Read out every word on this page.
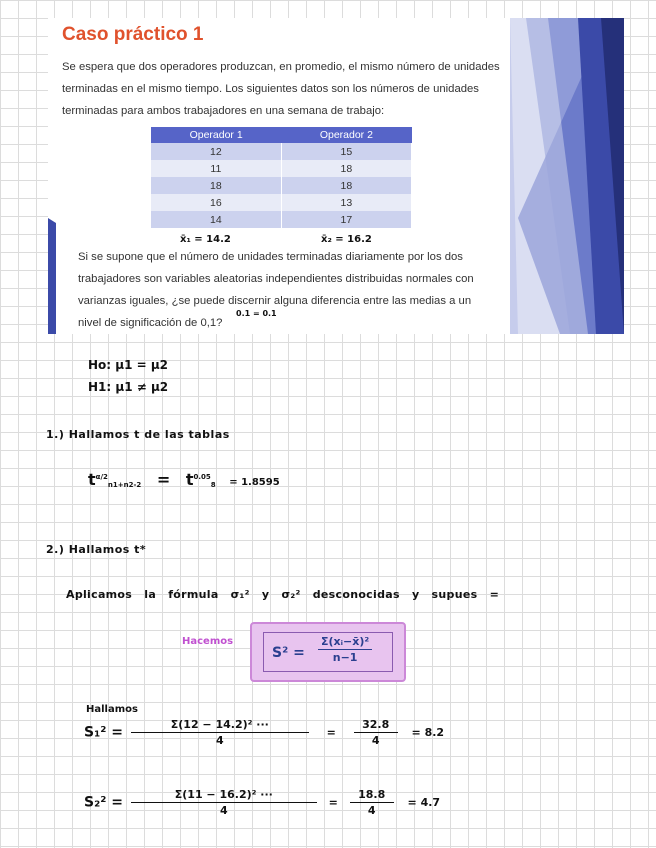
Caso práctico 1

Se espera que dos operadores produzcan, en promedio, el mismo número de unidades terminadas en el mismo tiempo. Los siguientes datos son los números de unidades terminadas para ambos trabajadores en una semana de trabajo:

Operador 1	Operador 2
12	15
11	18
18	18
16	13
14	17
x̄₁ = 14.2	x̄₂ = 16.2

Si se supone que el número de unidades terminadas diariamente por los dos trabajadores son variables aleatorias independientes distribuidas normales con varianzas iguales, ¿se puede discernir alguna diferencia entre las medias a un nivel de significación de 0,1?

0.1 = 0.1
Ho: μ1 = μ2
H1: μ1 ≠ μ2
1.) Hallamos t de las tablas
$t^{\alpha/2}_{n1+n2-2} = t^{0.05}_8 = 1.8595$
2.) Hallamos t*
Aplicamos la fórmula σ₁² y σ₂² desconocidas y supues =
Hacemos
$S^2 = \frac{\text{Σ(xᵢ−x̄)²}}{n-1}$
Hallamos
$S_1^2 = \frac{\text{Σ(12 − 14.2)² ···}}{4} = \frac{32.8}{4} = 8.2$
$S_2^2 = \frac{\text{Σ(11 − 16.2)² ···}}{4} = \frac{18.8}{4} = 4.7$
